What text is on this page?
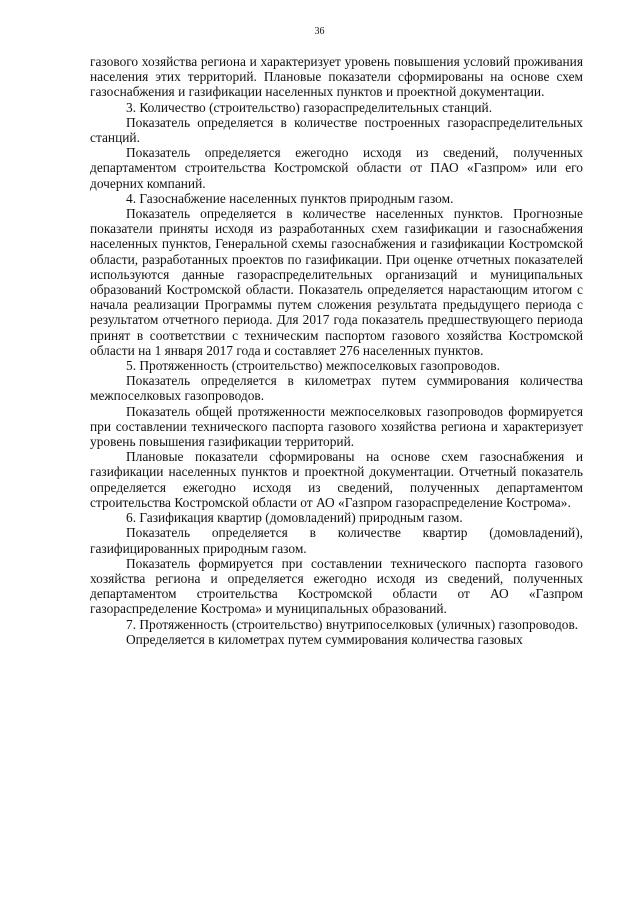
36

газового хозяйства региона и характеризует уровень повышения условий проживания населения этих территорий. Плановые показатели сформированы на основе схем газоснабжения и газификации населенных пунктов и проектной документации.

3. Количество (строительство) газораспределительных станций.

Показатель определяется в количестве построенных газораспределительных станций.

Показатель определяется ежегодно исходя из сведений, полученных департаментом строительства Костромской области от ПАО «Газпром» или его дочерних компаний.

4. Газоснабжение населенных пунктов природным газом.

Показатель определяется в количестве населенных пунктов. Прогнозные показатели приняты исходя из разработанных схем газификации и газоснабжения населенных пунктов, Генеральной схемы газоснабжения и газификации Костромской области, разработанных проектов по газификации. При оценке отчетных показателей используются данные газораспределительных организаций и муниципальных образований Костромской области. Показатель определяется нарастающим итогом с начала реализации Программы путем сложения результата предыдущего периода с результатом отчетного периода. Для 2017 года показатель предшествующего периода принят в соответствии с техническим паспортом газового хозяйства Костромской области на 1 января 2017 года и составляет 276 населенных пунктов.

5. Протяженность (строительство) межпоселковых газопроводов.

Показатель определяется в километрах путем суммирования количества межпоселковых газопроводов.

Показатель общей протяженности межпоселковых газопроводов формируется при составлении технического паспорта газового хозяйства региона и характеризует уровень повышения газификации территорий.

Плановые показатели сформированы на основе схем газоснабжения и газификации населенных пунктов и проектной документации. Отчетный показатель определяется ежегодно исходя из сведений, полученных департаментом строительства Костромской области от АО «Газпром газораспределение Кострома».

6. Газификация квартир (домовладений) природным газом.

Показатель определяется в количестве квартир (домовладений), газифицированных природным газом.

Показатель формируется при составлении технического паспорта газового хозяйства региона и определяется ежегодно исходя из сведений, полученных департаментом строительства Костромской области от АО «Газпром газораспределение Кострома» и муниципальных образований.

7. Протяженность (строительство) внутрипоселковых (уличных) газопроводов.

Определяется в километрах путем суммирования количества газовых
